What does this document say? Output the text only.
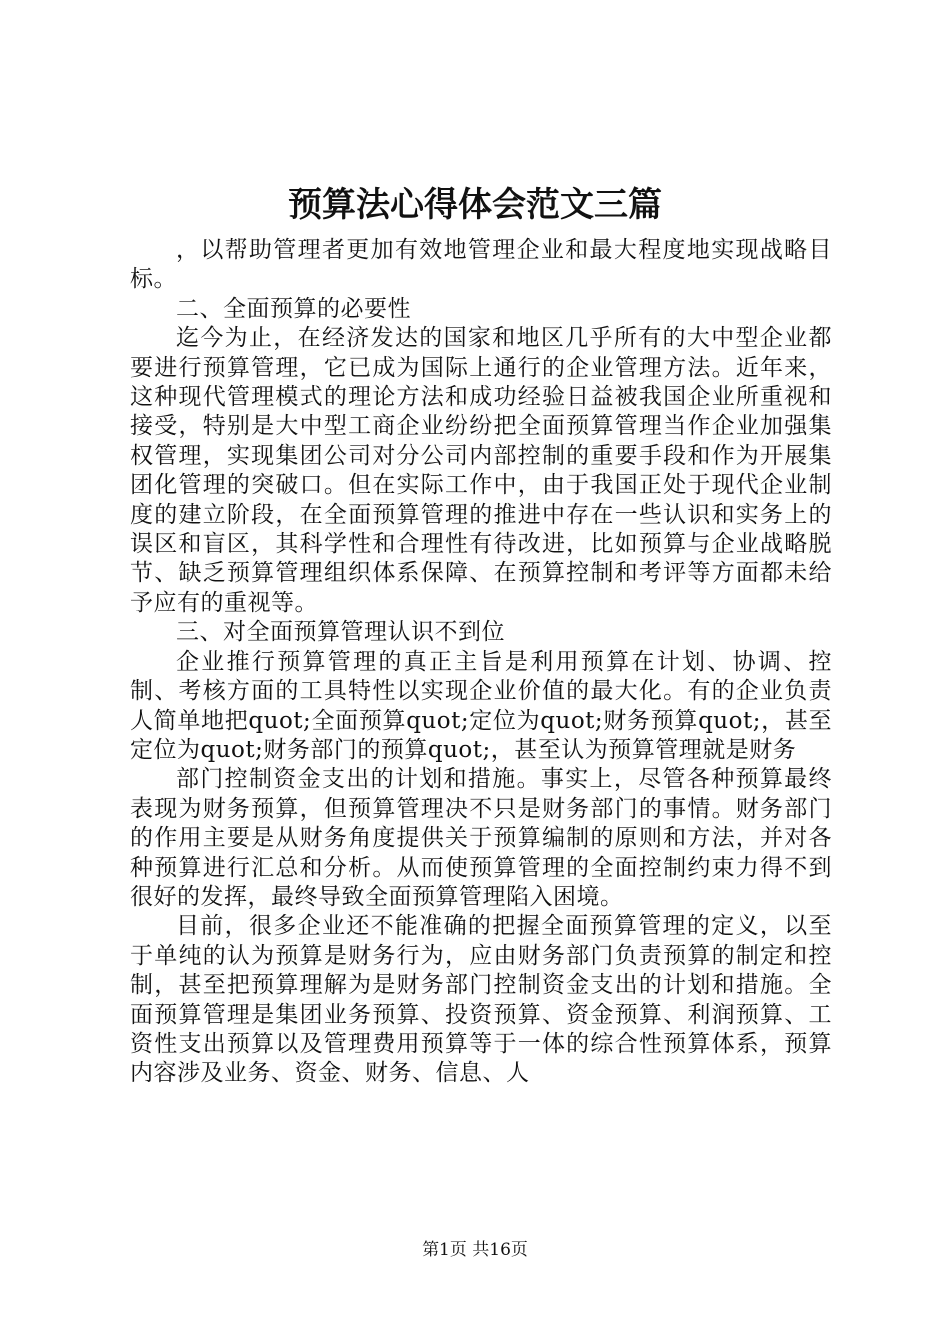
预算法心得体会范文三篇

，以帮助管理者更加有效地管理企业和最大程度地实现战略目标。

二、全面预算的必要性

迄今为止，在经济发达的国家和地区几乎所有的大中型企业都要进行预算管理，它已成为国际上通行的企业管理方法。近年来，这种现代管理模式的理论方法和成功经验日益被我国企业所重视和接受，特别是大中型工商企业纷纷把全面预算管理当作企业加强集权管理，实现集团公司对分公司内部控制的重要手段和作为开展集团化管理的突破口。但在实际工作中，由于我国正处于现代企业制度的建立阶段，在全面预算管理的推进中存在一些认识和实务上的误区和盲区，其科学性和合理性有待改进，比如预算与企业战略脱节、缺乏预算管理组织体系保障、在预算控制和考评等方面都未给予应有的重视等。

三、对全面预算管理认识不到位

企业推行预算管理的真正主旨是利用预算在计划、协调、控制、考核方面的工具特性以实现企业价值的最大化。有的企业负责人简单地把quot;全面预算quot;定位为quot;财务预算quot;，甚至定位为quot;财务部门的预算quot;，甚至认为预算管理就是财务

部门控制资金支出的计划和措施。事实上，尽管各种预算最终表现为财务预算，但预算管理决不只是财务部门的事情。财务部门的作用主要是从财务角度提供关于预算编制的原则和方法，并对各种预算进行汇总和分析。从而使预算管理的全面控制约束力得不到很好的发挥，最终导致全面预算管理陷入困境。

目前，很多企业还不能准确的把握全面预算管理的定义，以至于单纯的认为预算是财务行为，应由财务部门负责预算的制定和控制，甚至把预算理解为是财务部门控制资金支出的计划和措施。全面预算管理是集团业务预算、投资预算、资金预算、利润预算、工资性支出预算以及管理费用预算等于一体的综合性预算体系，预算内容涉及业务、资金、财务、信息、人

第1页 共16页
